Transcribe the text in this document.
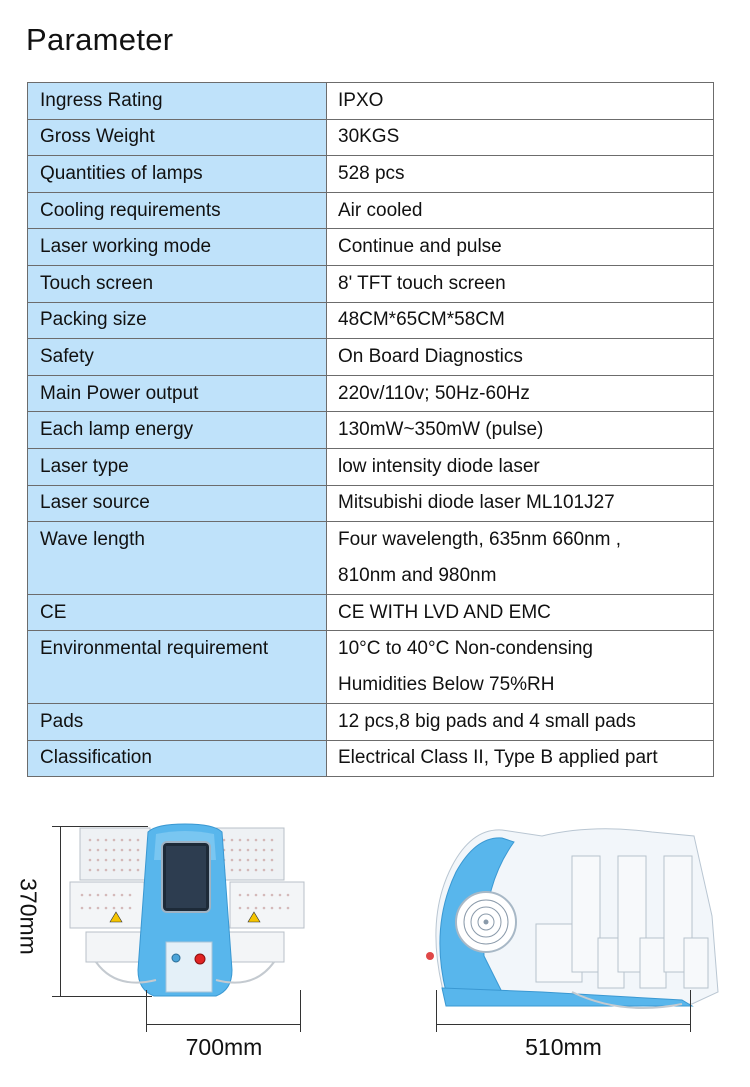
Parameter
Ingress Rating	IPXO
Gross Weight	30KGS
Quantities of lamps	528 pcs
Cooling requirements	Air cooled
Laser working mode	Continue and pulse
Touch screen	8' TFT touch screen
Packing size	48CM*65CM*58CM
Safety	On Board Diagnostics
Main Power output	220v/110v; 50Hz-60Hz
Each lamp energy	130mW~350mW (pulse)
Laser type	low intensity diode laser
Laser source	Mitsubishi diode laser ML101J27
Wave length	Four wavelength, 635nm 660nm ,
810nm and 980nm

CE	CE WITH LVD AND EMC
Environmental requirement	10°C to 40°C Non-condensing
Humidities Below 75%RH

Pads	12 pcs,8 big pads and 4 small pads
Classification	Electrical Class II, Type B applied part
370mm
700mm	510mm
